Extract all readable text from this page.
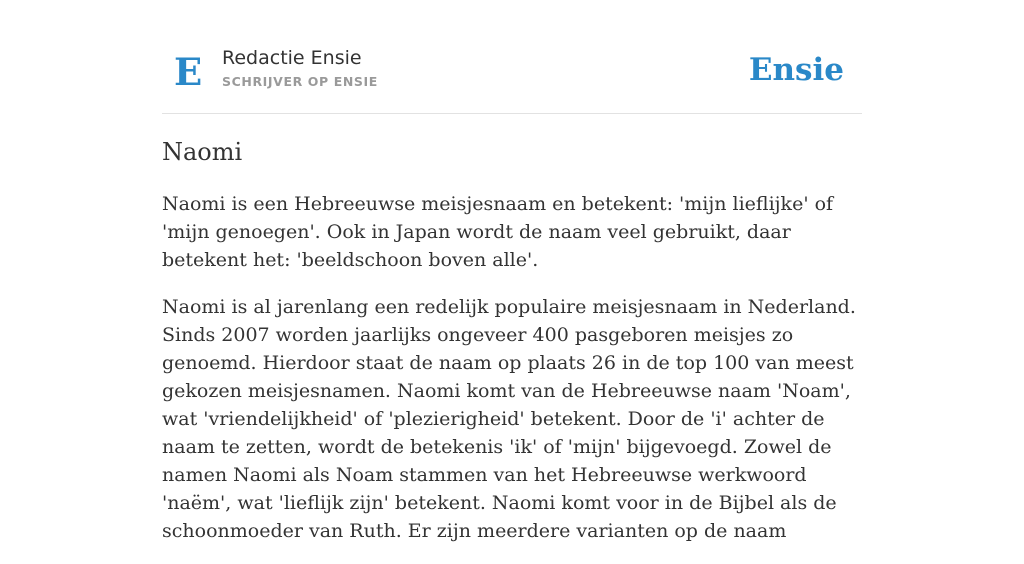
E Redactie Ensie
SCHRIJVER OP ENSIE	Ensie
Naomi

Naomi is een Hebreeuwse meisjesnaam en betekent: 'mijn lieflijke' of 'mijn genoegen'. Ook in Japan wordt de naam veel gebruikt, daar betekent het: 'beeldschoon boven alle'.

Naomi is al jarenlang een redelijk populaire meisjesnaam in Nederland. Sinds 2007 worden jaarlijks ongeveer 400 pasgeboren meisjes zo genoemd. Hierdoor staat de naam op plaats 26 in de top 100 van meest gekozen meisjesnamen. Naomi komt van de Hebreeuwse naam 'Noam', wat 'vriendelijkheid' of 'plezierigheid' betekent. Door de 'i' achter de naam te zetten, wordt de betekenis 'ik' of 'mijn' bijgevoegd. Zowel de namen Naomi als Noam stammen van het Hebreeuwse werkwoord 'naëm', wat 'lieflijk zijn' betekent. Naomi komt voor in de Bijbel als de schoonmoeder van Ruth. Er zijn meerdere varianten op de naam
